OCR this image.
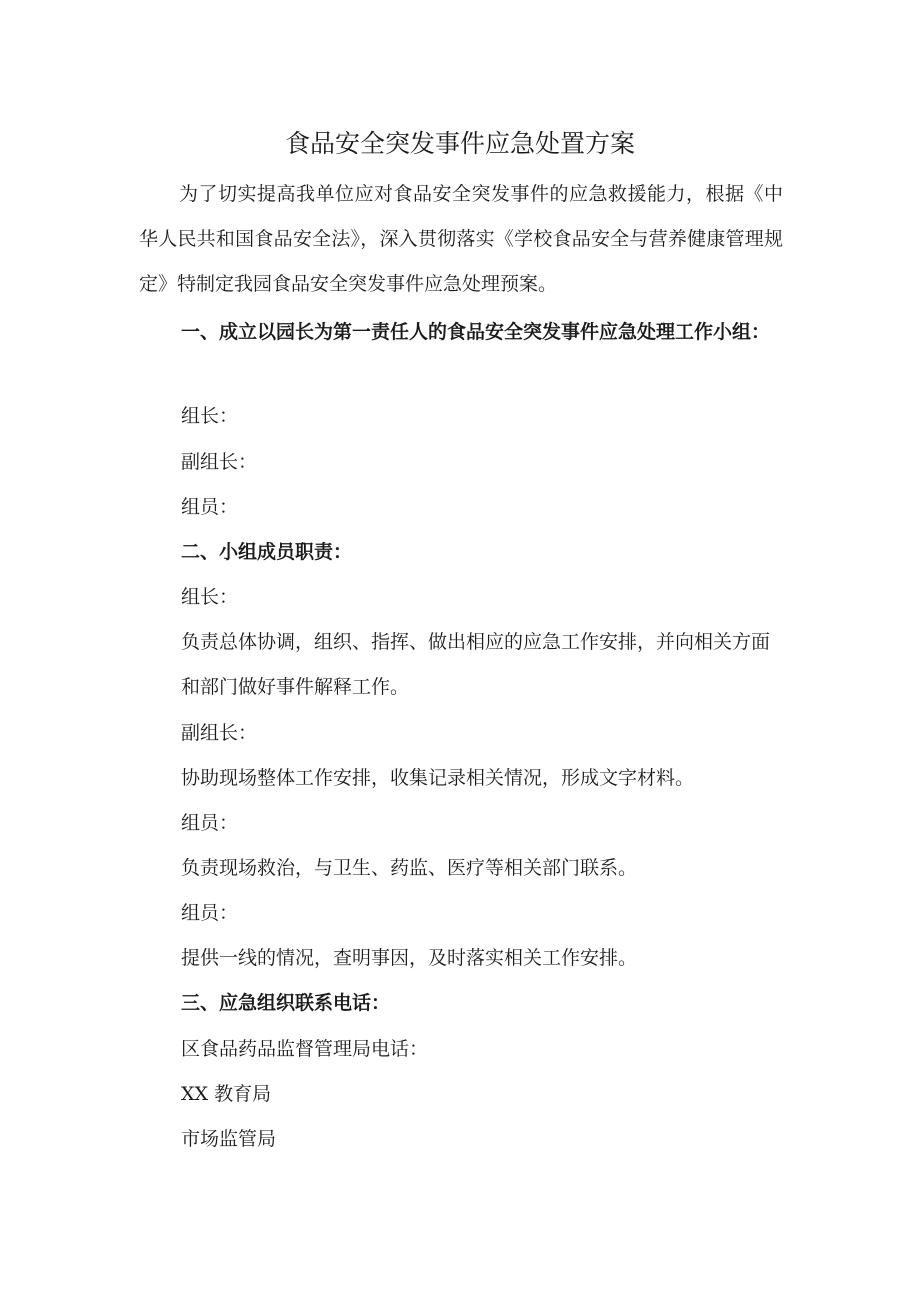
食品安全突发事件应急处置方案

为了切实提高我单位应对食品安全突发事件的应急救援能力，根据《中华人民共和国食品安全法》，深入贯彻落实《学校食品安全与营养健康管理规定》特制定我园食品安全突发事件应急处理预案。

一、成立以园长为第一责任人的食品安全突发事件应急处理工作小组：

组长：

副组长：

组员：

二、小组成员职责：

组长：

负责总体协调，组织、指挥、做出相应的应急工作安排，并向相关方面和部门做好事件解释工作。

副组长：

协助现场整体工作安排，收集记录相关情况，形成文字材料。

组员：

负责现场救治，与卫生、药监、医疗等相关部门联系。

组员：

提供一线的情况，查明事因，及时落实相关工作安排。

三、应急组织联系电话：

区食品药品监督管理局电话：

XX 教育局

市场监管局
